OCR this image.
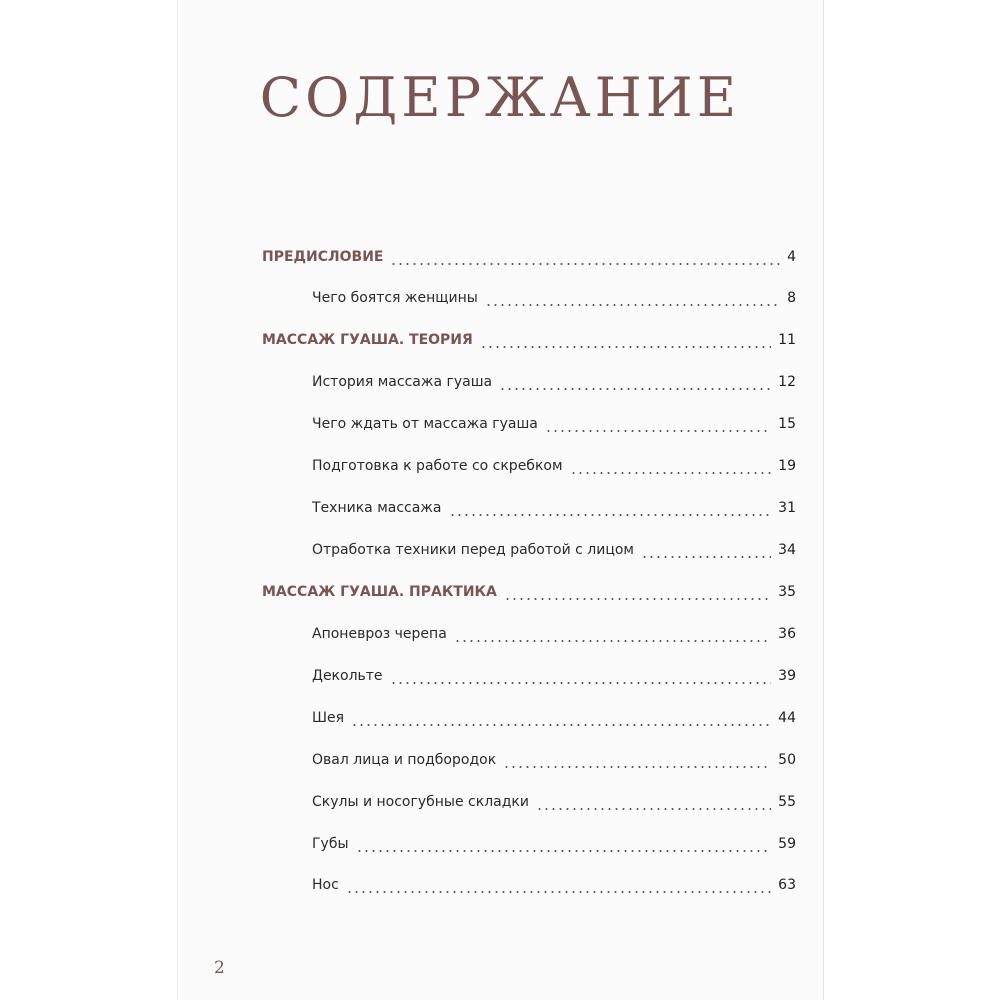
СОДЕРЖАНИЕ
ПРЕДИСЛОВИЕ	4
Чего боятся женщины	8
МАССАЖ ГУАША. ТЕОРИЯ	11
История массажа гуаша	12
Чего ждать от массажа гуаша	15
Подготовка к работе со скребком	19
Техника массажа	31
Отработка техники перед работой с лицом	34
МАССАЖ ГУАША. ПРАКТИКА	35
Апоневроз черепа	36
Декольте	39
Шея	44
Овал лица и подбородок	50
Скулы и носогубные складки	55
Губы	59
Нос	63
2
